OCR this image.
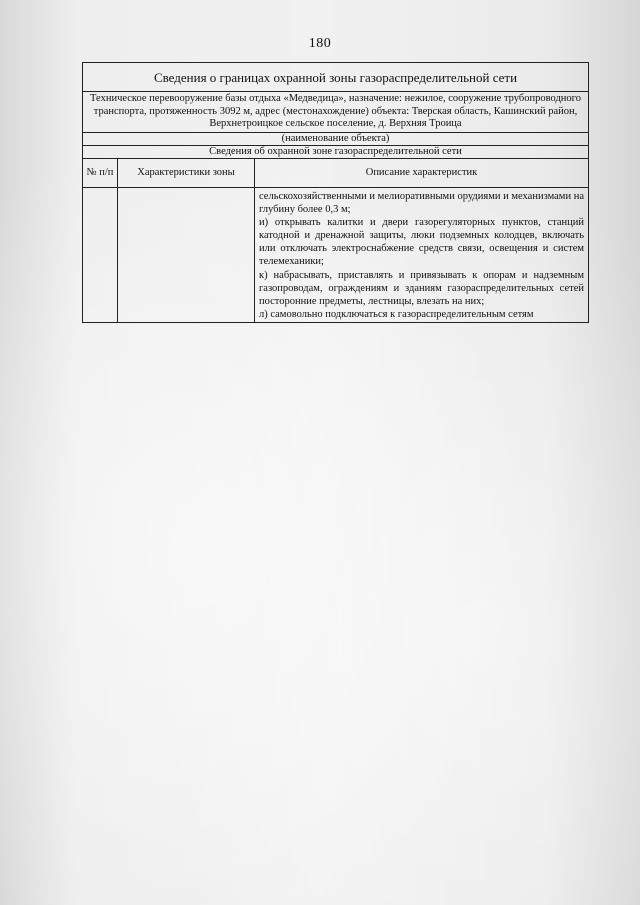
180
Сведения о границах охранной зоны газораспределительной сети		
Техническое перевооружение базы отдыха «Медведица», назначение: нежилое, сооружение трубопроводного транспорта, протяженность 3092 м, адрес (местонахождение) объекта: Тверская область, Кашинский район, Верхнетроицкое сельское поселение, д. Верхняя Троица		
(наименование объекта)		
Сведения об охранной зоне газораспределительной сети		
№ п/п	Характеристики зоны	Описание характеристик

		сельскохозяйственными и мелиоративными орудиями и механизмами на глубину более 0,3 м;
и) открывать калитки и двери газорегуляторных пунктов, станций катодной и дренажной защиты, люки подземных колодцев, включать или отключать электроснабжение средств связи, освещения и систем телемеханики;
к) набрасывать, приставлять и привязывать к опорам и надземным газопроводам, ограждениям и зданиям газораспределительных сетей посторонние предметы, лестницы, влезать на них;
л) самовольно подключаться к газораспределительным сетям
